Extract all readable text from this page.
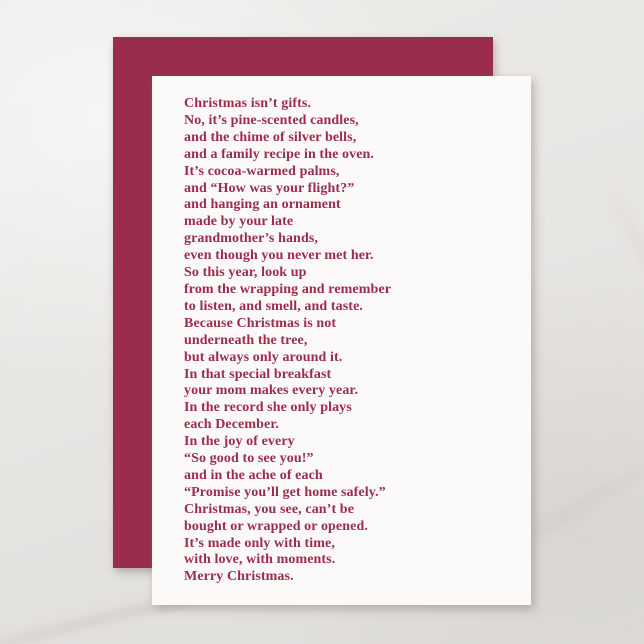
Christmas isn’t gifts.
No, it’s pine-scented candles,
and the chime of silver bells,
and a family recipe in the oven.
It’s cocoa-warmed palms,
and “How was your flight?”
and hanging an ornament
made by your late
grandmother’s hands,
even though you never met her.
So this year, look up
from the wrapping and remember
to listen, and smell, and taste.
Because Christmas is not
underneath the tree,
but always only around it.
In that special breakfast
your mom makes every year.
In the record she only plays
each December.
In the joy of every
“So good to see you!”
and in the ache of each
“Promise you’ll get home safely.”
Christmas, you see, can’t be
bought or wrapped or opened.
It’s made only with time,
with love, with moments.
Merry Christmas.
